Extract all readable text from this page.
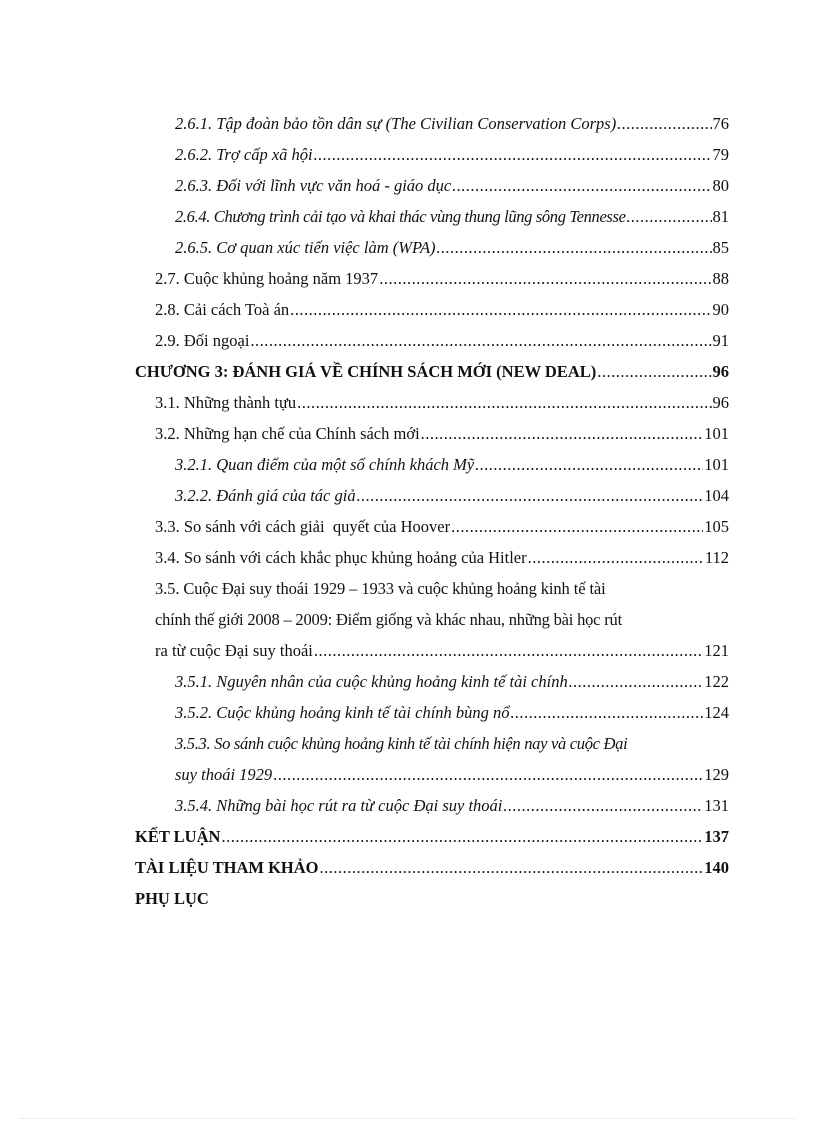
2.6.1. Tập đoàn bảo tồn dân sự (The Civilian Conservation Corps) .....	76
2.6.2. Trợ cấp xã hội .....	79
2.6.3. Đối với lĩnh vực văn hoá - giáo dục .....	80
2.6.4. Chương trình cải tạo và khai thác vùng thung lũng sông Tennesse .....	81
2.6.5. Cơ quan xúc tiến việc làm (WPA) .....	85
2.7. Cuộc khủng hoảng năm 1937 .....	88
2.8. Cải cách Toà án .....	90
2.9. Đối ngoại .....	91
CHƯƠNG 3: ĐÁNH GIÁ VỀ CHÍNH SÁCH MỚI (NEW DEAL) .....	96
3.1. Những thành tựu .....	96
3.2. Những hạn chế của Chính sách mới .....	101
3.2.1. Quan điểm của một số chính khách Mỹ .....	101
3.2.2. Đánh giá của tác giả .....	104
3.3. So sánh với cách giải  quyết của Hoover .....	105
3.4. So sánh với cách khắc phục khủng hoảng của Hitler .....	112
3.5. Cuộc Đại suy thoái 1929 – 1933 và cuộc khủng hoảng kinh tế tài
chính thế giới 2008 – 2009: Điểm giống và khác nhau, những bài học rút
ra từ cuộc Đại suy thoái .....	121
3.5.1. Nguyên nhân của cuộc khủng hoảng kinh tế tài chính .....	122
3.5.2. Cuộc khủng hoảng kinh tế tài chính bùng nổ .....	124
3.5.3. So sánh cuộc khủng hoảng kinh tế tài chính hiện nay và cuộc Đại
suy thoái 1929 .....	129
3.5.4. Những bài học rút ra từ cuộc Đại suy thoái .....	131
KẾT LUẬN .....	137
TÀI LIỆU THAM KHẢO .....	140
PHỤ LỤC
